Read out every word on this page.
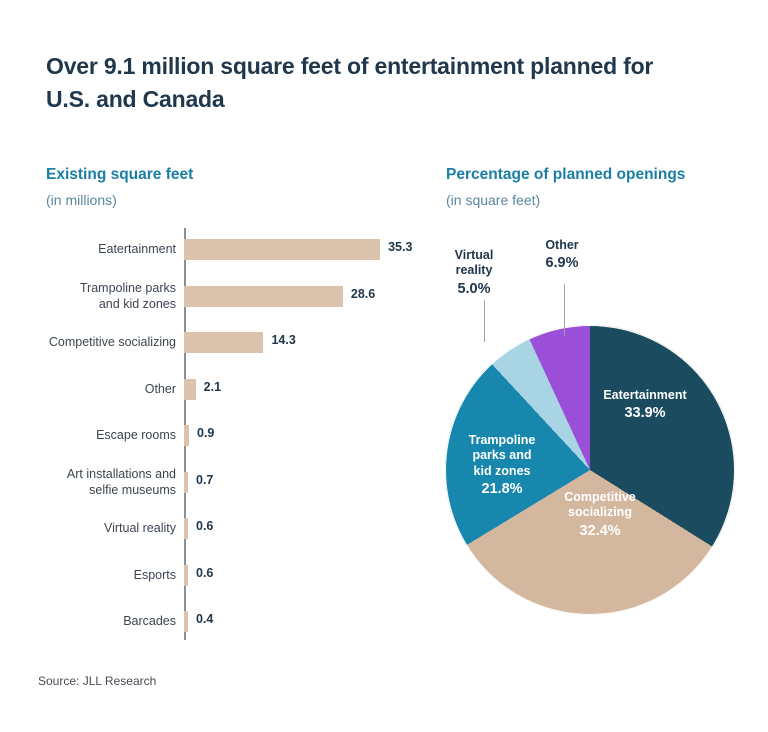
Over 9.1 million square feet of entertainment planned for U.S. and Canada
Existing square feet
(in millions)
Percentage of planned openings
(in square feet)
Eatertainment	35.3
Trampoline parks
and kid zones
28.6
Competitive socializing	14.3
Other 2.1
Escape rooms 0.9
Art installations and
selfie museums
0.7
Virtual reality 0.6
Esports 0.6
Barcades 0.4
Eatertainment
33.9%
Competitive
socializing
32.4%
Trampoline
parks and
kid zones
21.8%
Virtual
reality
5.0%
Other
6.9%
Source: JLL Research
